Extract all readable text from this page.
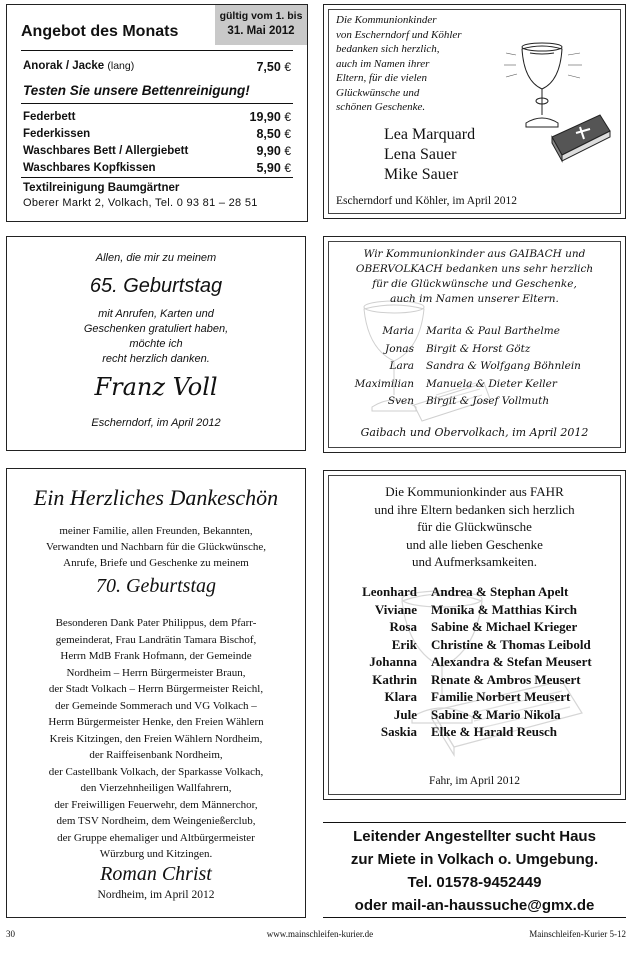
Angebot des Monats
gültig vom 1. bis
31. Mai 2012
Anorak / Jacke (lang)	7,50 €
Testen Sie unsere Bettenreinigung!
Federbett	19,90 €
Federkissen	8,50 €
Waschbares Bett / Allergiebett	9,90 €
Waschbares Kopfkissen	5,90 €
Textilreinigung Baumgärtner
Oberer Markt 2, Volkach, Tel. 0 93 81 – 28 51
Die Kommunionkinder
von Escherndorf und Köhler
bedanken sich herzlich,
auch im Namen ihrer
Eltern, für die vielen
Glückwünsche und
schönen Geschenke.
Lea Marquard
Lena Sauer
Mike Sauer
Escherndorf und Köhler, im April 2012
Allen, die mir zu meinem
65. Geburtstag
mit Anrufen, Karten und
Geschenken gratuliert haben,
möchte ich
recht herzlich danken.
Franz Voll
Escherndorf, im April 2012
Wir Kommunionkinder aus GAIBACH und
OBERVOLKACH bedanken uns sehr herzlich
für die Glückwünsche und Geschenke,
auch im Namen unserer Eltern.
Maria	Marita & Paul Barthelme
Jonas	Birgit & Horst Götz
Lara	Sandra & Wolfgang Böhnlein
Maximilian	Manuela & Dieter Keller
Sven	Birgit & Josef Vollmuth
Gaibach und Obervolkach, im April 2012
Ein Herzliches Dankeschön
meiner Familie, allen Freunden, Bekannten,
Verwandten und Nachbarn für die Glückwünsche,
Anrufe, Briefe und Geschenke zu meinem
70. Geburtstag
Besonderen Dank Pater Philippus, dem Pfarr-
gemeinderat, Frau Landrätin Tamara Bischof,
Herrn MdB Frank Hofmann, der Gemeinde
Nordheim – Herrn Bürgermeister Braun,
der Stadt Volkach – Herrn Bürgermeister Reichl,
der Gemeinde Sommerach und VG Volkach –
Herrn Bürgermeister Henke, den Freien Wählern
Kreis Kitzingen, den Freien Wählern Nordheim,
der Raiffeisenbank Nordheim,
der Castellbank Volkach, der Sparkasse Volkach,
den Vierzehnheiligen Wallfahrern,
der Freiwilligen Feuerwehr, dem Männerchor,
dem TSV Nordheim, dem Weingenießerclub,
der Gruppe ehemaliger und Altbürgermeister
Würzburg und Kitzingen.
Roman Christ
Nordheim, im April 2012
Die Kommunionkinder aus FAHR
und ihre Eltern bedanken sich herzlich
für die Glückwünsche
und alle lieben Geschenke
und Aufmerksamkeiten.
Leonhard	Andrea & Stephan Apelt
Viviane	Monika & Matthias Kirch
Rosa	Sabine & Michael Krieger
Erik	Christine & Thomas Leibold
Johanna	Alexandra & Stefan Meusert
Kathrin	Renate & Ambros Meusert
Klara	Familie Norbert Meusert
Jule	Sabine & Mario Nikola
Saskia	Elke & Harald Reusch
Fahr, im April 2012
Leitender Angestellter sucht Haus
zur Miete in Volkach o. Umgebung.
Tel. 01578-9452449
oder mail-an-haussuche@gmx.de
30	www.mainschleifen-kurier.de	Mainschleifen-Kurier 5-12
